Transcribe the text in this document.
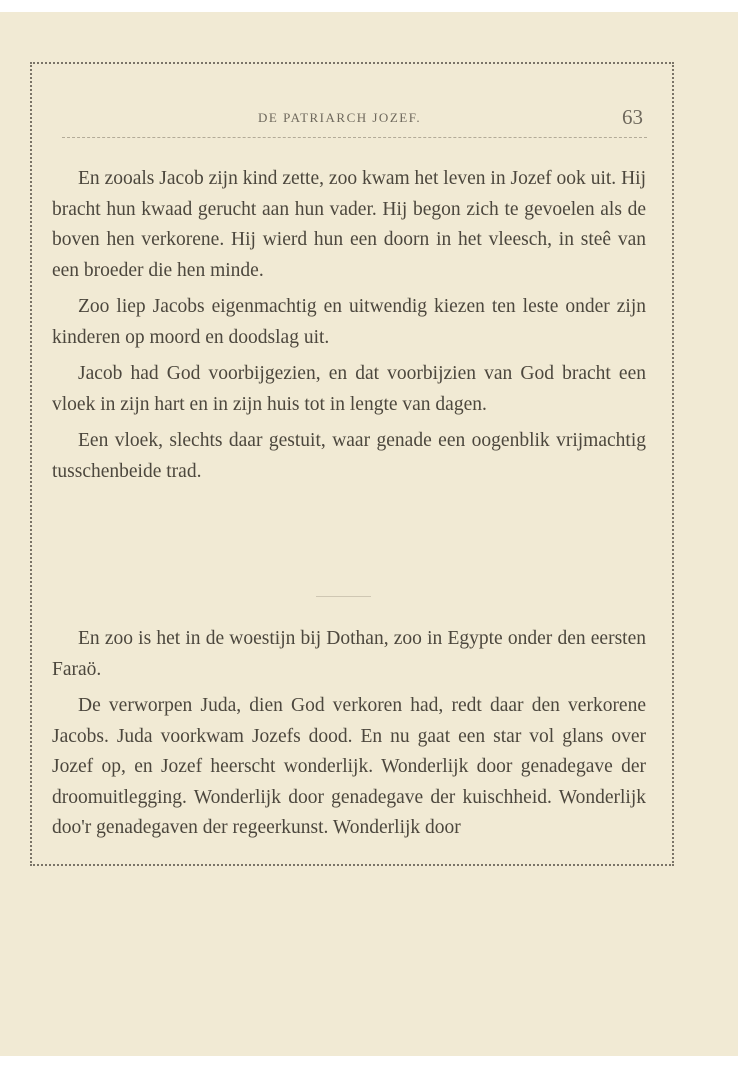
DE PATRIARCH JOZEF.	63

En zooals Jacob zijn kind zette, zoo kwam het leven in Jozef ook uit. Hij bracht hun kwaad gerucht aan hun vader. Hij begon zich te gevoelen als de boven hen verkorene. Hij wierd hun een doorn in het vleesch, in steê van een broeder die hen minde.

Zoo liep Jacobs eigenmachtig en uitwendig kiezen ten leste onder zijn kinderen op moord en doodslag uit.

Jacob had God voorbijgezien, en dat voorbijzien van God bracht een vloek in zijn hart en in zijn huis tot in lengte van dagen.

Een vloek, slechts daar gestuit, waar genade een oogenblik vrijmachtig tusschenbeide trad.

En zoo is het in de woestijn bij Dothan, zoo in Egypte onder den eersten Faraö.

De verworpen Juda, dien God verkoren had, redt daar den verkorene Jacobs. Juda voorkwam Jozefs dood. En nu gaat een star vol glans over Jozef op, en Jozef heerscht wonderlijk. Wonderlijk door genadegave der droomuitlegging. Wonderlijk door genadegave der kuischheid. Wonderlijk doo'r genadegaven der regeerkunst. Wonderlijk door
